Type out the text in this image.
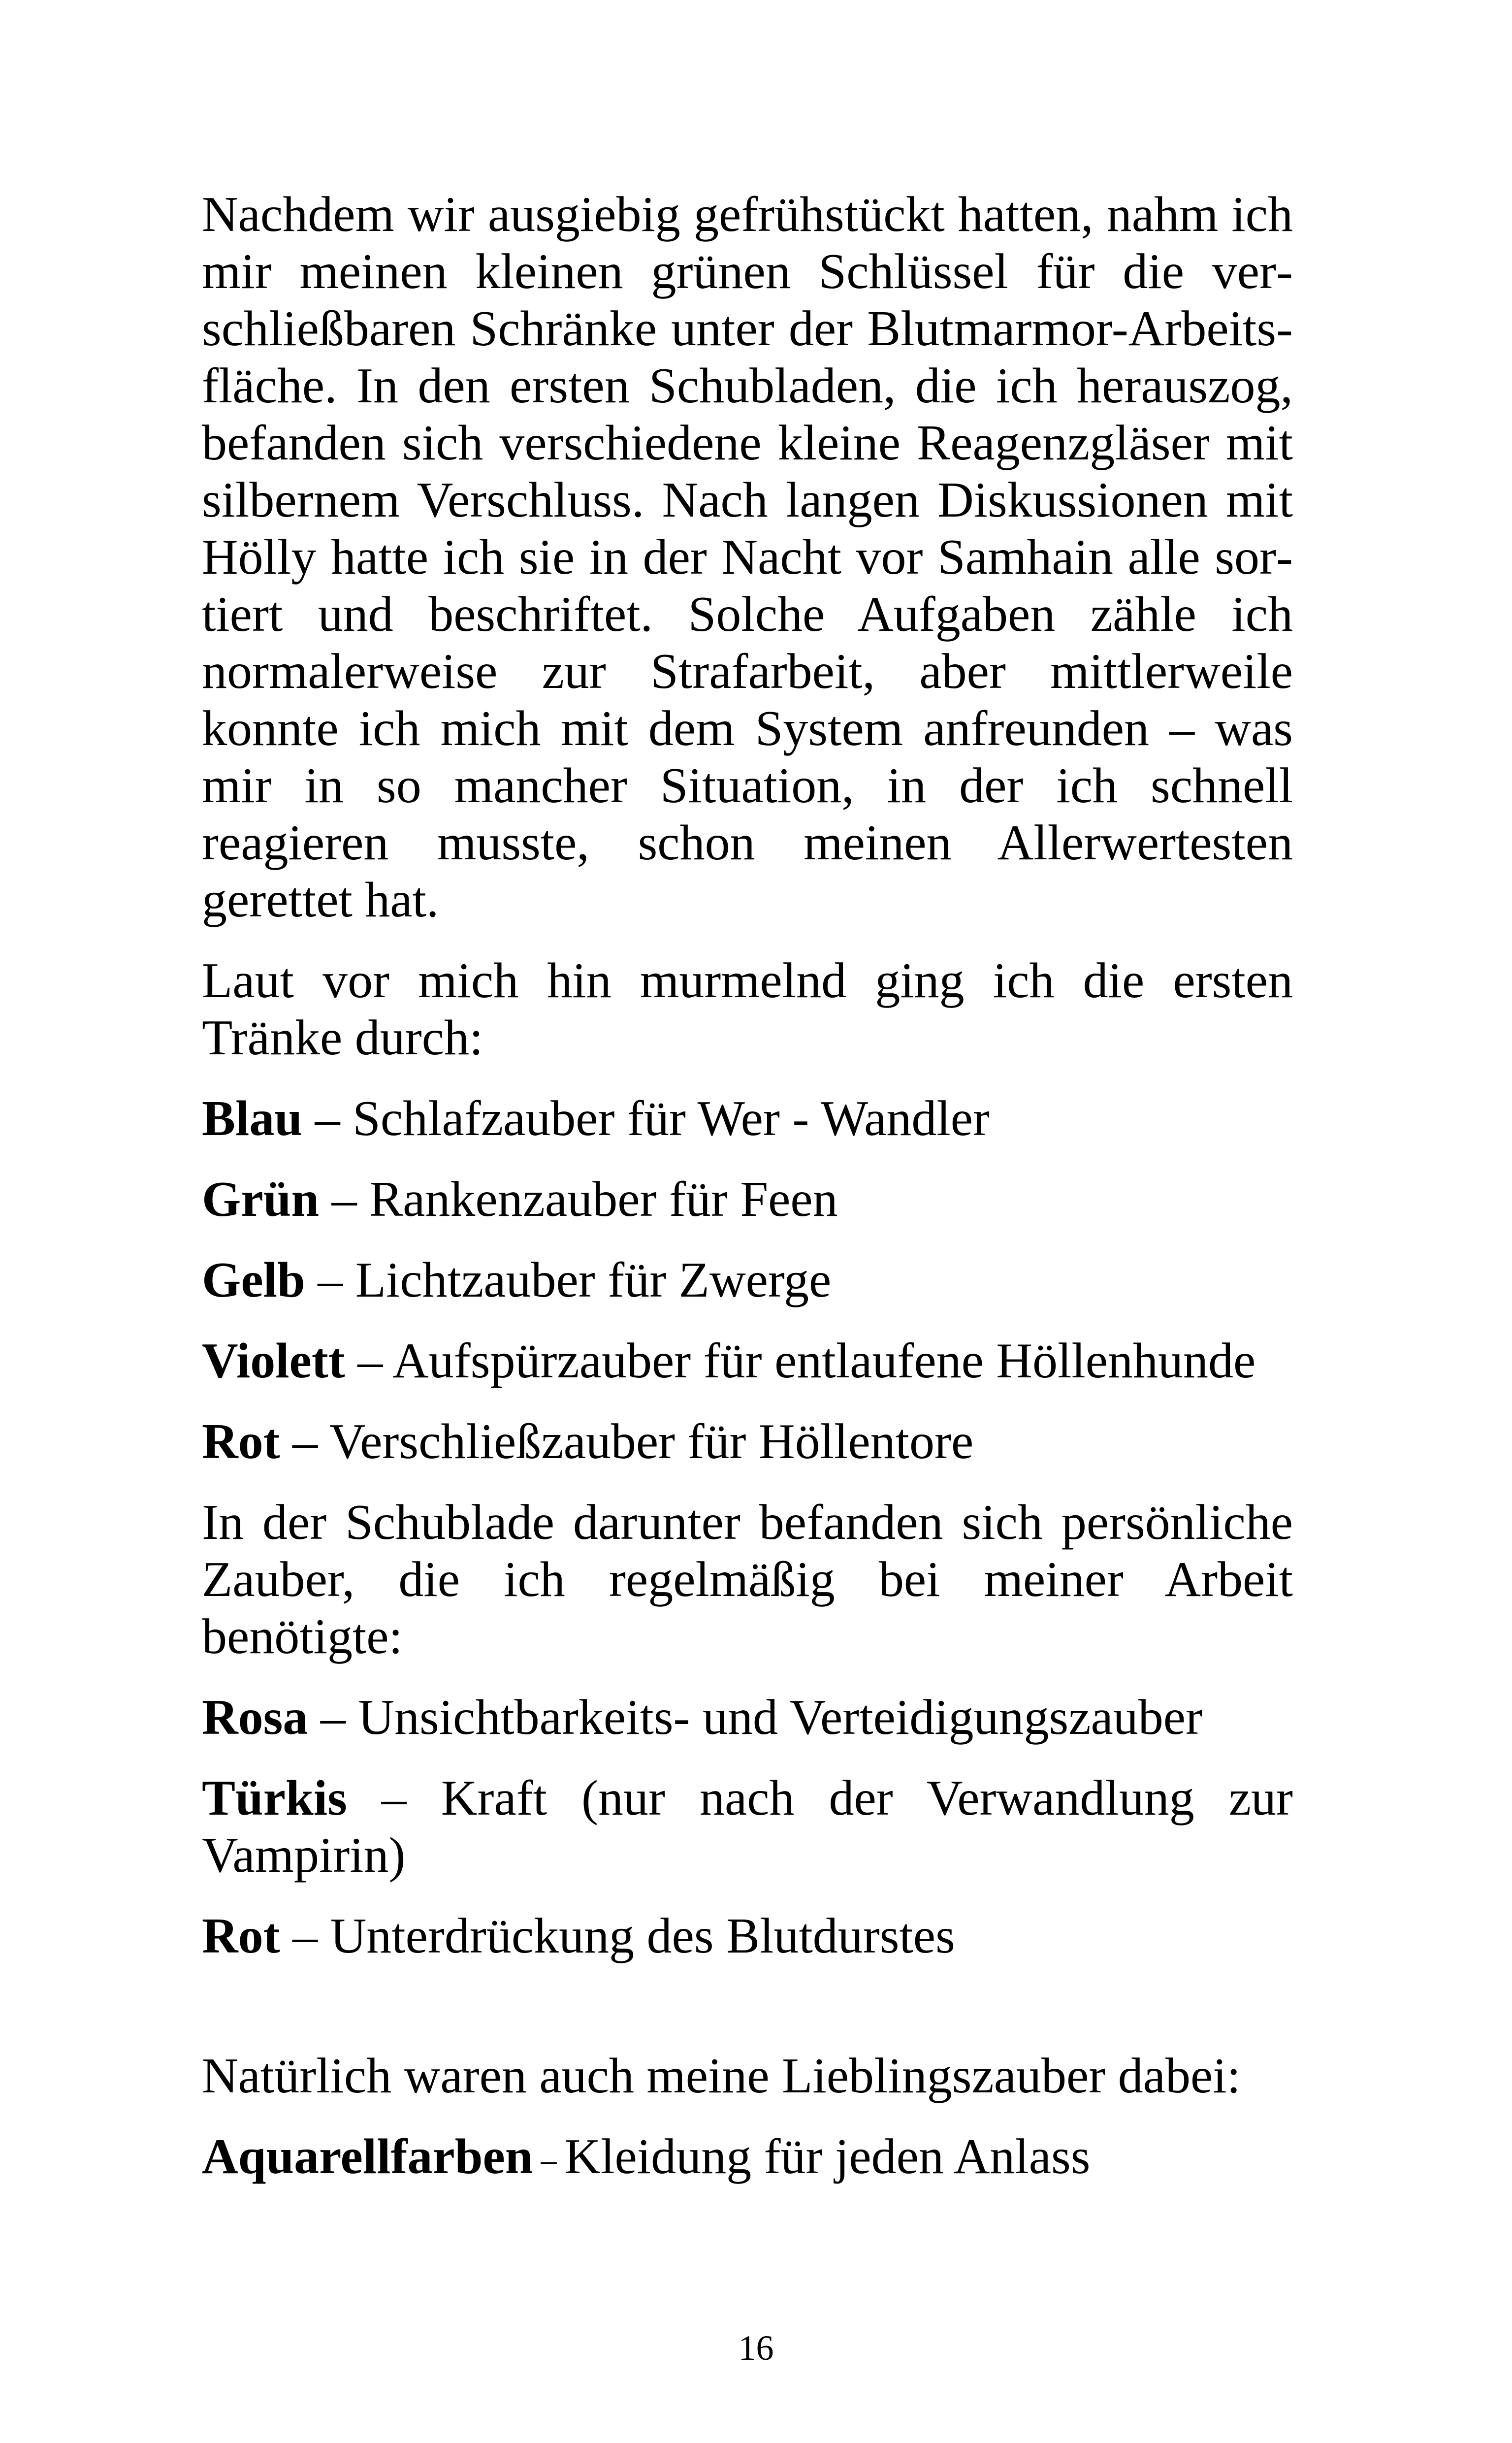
Nachdem wir ausgiebig gefrühstückt hatten, nahm ich mir meinen kleinen grünen Schlüssel für die verschließbaren Schränke unter der Blutmarmor-Arbeitsfläche. In den ersten Schubladen, die ich herauszog, befanden sich verschiedene kleine Reagenzgläser mit silbernem Verschluss. Nach langen Diskussionen mit Hölly hatte ich sie in der Nacht vor Samhain alle sortiert und beschriftet. Solche Aufgaben zähle ich normalerweise zur Strafarbeit, aber mittlerweile konnte ich mich mit dem System anfreunden – was mir in so mancher Situation, in der ich schnell reagieren musste, schon meinen Allerwertesten gerettet hat.

Laut vor mich hin murmelnd ging ich die ersten Tränke durch:

Blau – Schlafzauber für Wer - Wandler

Grün – Rankenzauber für Feen

Gelb – Lichtzauber für Zwerge

Violett – Aufspürzauber für entlaufene Höllenhunde

Rot – Verschließzauber für Höllentore

In der Schublade darunter befanden sich persönliche Zauber, die ich regelmäßig bei meiner Arbeit benötigte:

Rosa – Unsichtbarkeits- und Verteidigungszauber

Türkis – Kraft (nur nach der Verwandlung zur Vampirin)

Rot – Unterdrückung des Blutdurstes

Natürlich waren auch meine Lieblingszauber dabei:

Aquarellfarben – Kleidung für jeden Anlass

16
